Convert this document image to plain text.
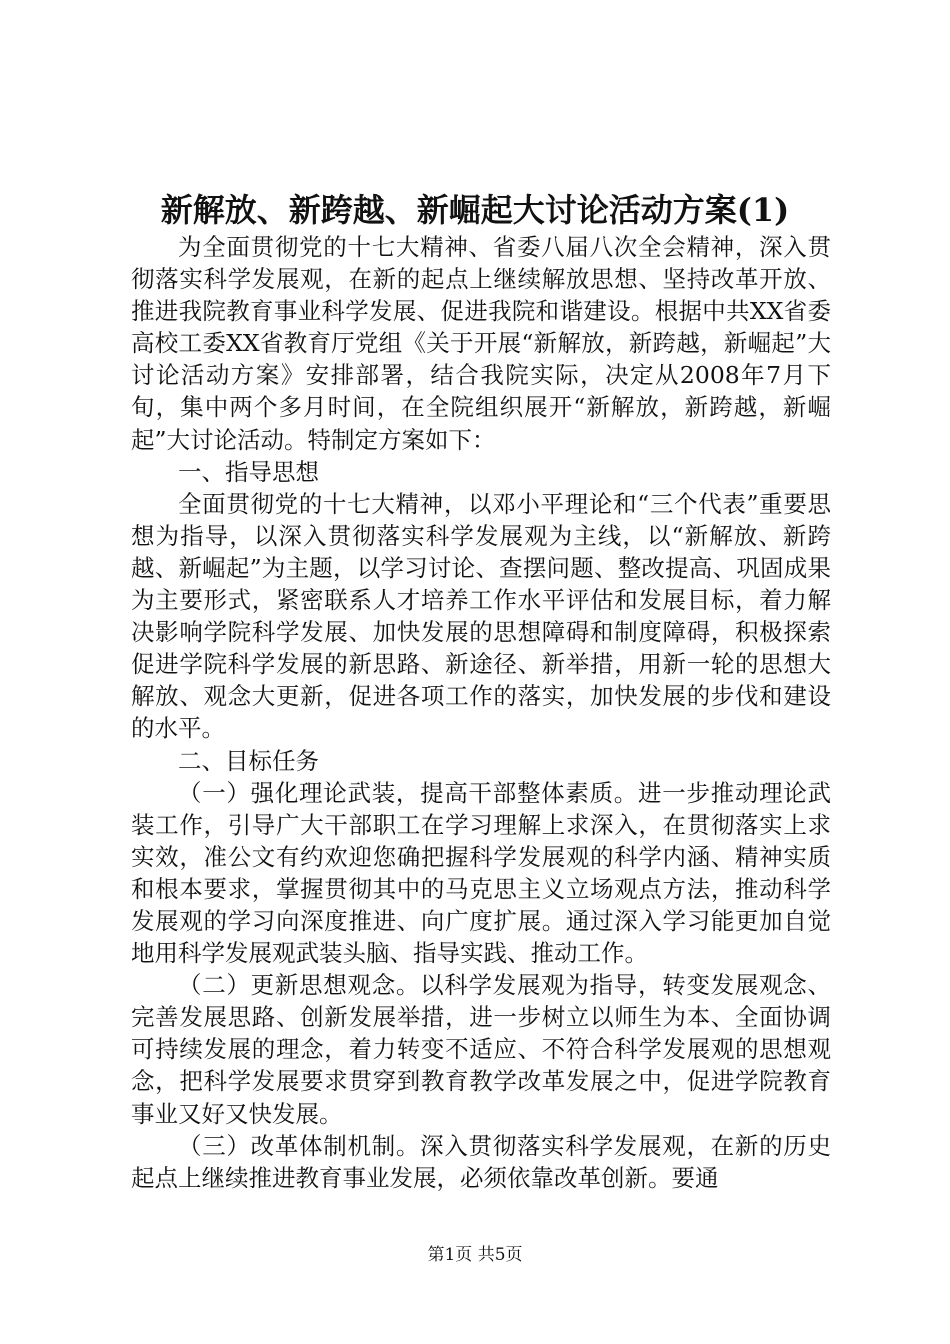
新解放、新跨越、新崛起大讨论活动方案(1)

为全面贯彻党的十七大精神、省委八届八次全会精神，深入贯彻落实科学发展观，在新的起点上继续解放思想、坚持改革开放、推进我院教育事业科学发展、促进我院和谐建设。根据中共XX省委高校工委XX省教育厅党组《关于开展“新解放，新跨越，新崛起”大讨论活动方案》安排部署，结合我院实际，决定从2008年7月下旬，集中两个多月时间，在全院组织展开“新解放，新跨越，新崛起”大讨论活动。特制定方案如下：

一、指导思想

全面贯彻党的十七大精神，以邓小平理论和“三个代表”重要思想为指导，以深入贯彻落实科学发展观为主线，以“新解放、新跨越、新崛起”为主题，以学习讨论、查摆问题、整改提高、巩固成果为主要形式，紧密联系人才培养工作水平评估和发展目标，着力解决影响学院科学发展、加快发展的思想障碍和制度障碍，积极探索促进学院科学发展的新思路、新途径、新举措，用新一轮的思想大解放、观念大更新，促进各项工作的落实，加快发展的步伐和建设的水平。

二、目标任务

（一）强化理论武装，提高干部整体素质。进一步推动理论武装工作，引导广大干部职工在学习理解上求深入，在贯彻落实上求实效，准公文有约欢迎您确把握科学发展观的科学内涵、精神实质和根本要求，掌握贯彻其中的马克思主义立场观点方法，推动科学发展观的学习向深度推进、向广度扩展。通过深入学习能更加自觉地用科学发展观武装头脑、指导实践、推动工作。

（二）更新思想观念。以科学发展观为指导，转变发展观念、完善发展思路、创新发展举措，进一步树立以师生为本、全面协调可持续发展的理念，着力转变不适应、不符合科学发展观的思想观念，把科学发展要求贯穿到教育教学改革发展之中，促进学院教育事业又好又快发展。

（三）改革体制机制。深入贯彻落实科学发展观，在新的历史起点上继续推进教育事业发展，必须依靠改革创新。要通

第1页 共5页
